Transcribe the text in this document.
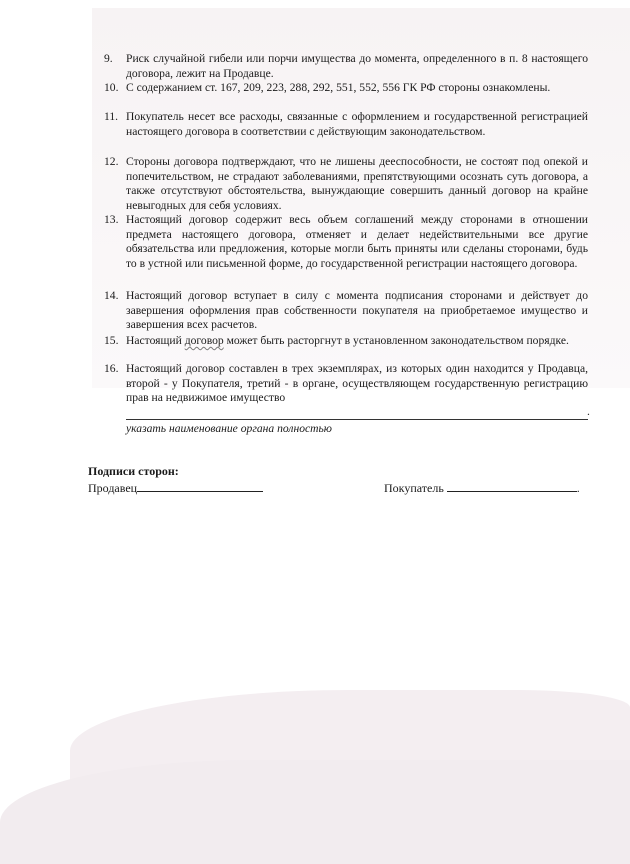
9. Риск случайной гибели или порчи имущества до момента, определенного в п. 8 настоящего договора, лежит на Продавце.
10. С содержанием ст. 167, 209, 223, 288, 292, 551, 552, 556 ГК РФ стороны ознакомлены.
11. Покупатель несет все расходы, связанные с оформлением и государственной регистрацией настоящего договора в соответствии с действующим законодательством.
12. Стороны договора подтверждают, что не лишены дееспособности, не состоят под опекой и попечительством, не страдают заболеваниями, препятствующими осознать суть договора, а также отсутствуют обстоятельства, вынуждающие совершить данный договор на крайне невыгодных для себя условиях.
13. Настоящий договор содержит весь объем соглашений между сторонами в отношении предмета настоящего договора, отменяет и делает недействительными все другие обязательства или предложения, которые могли быть приняты или сделаны сторонами, будь то в устной или письменной форме, до государственной регистрации настоящего договора.
14. Настоящий договор вступает в силу с момента подписания сторонами и действует до завершения оформления прав собственности покупателя на приобретаемое имущество и завершения всех расчетов.
15. Настоящий договор может быть расторгнут в установленном законодательством порядке.
16. Настоящий договор составлен в трех экземплярах, из которых один находится у Продавца, второй - у Покупателя, третий - в органе, осуществляющем государственную регистрацию прав на недвижимое имущество
.
указать наименование органа полностью
Подписи сторон:
Продавец	Покупатель	.
